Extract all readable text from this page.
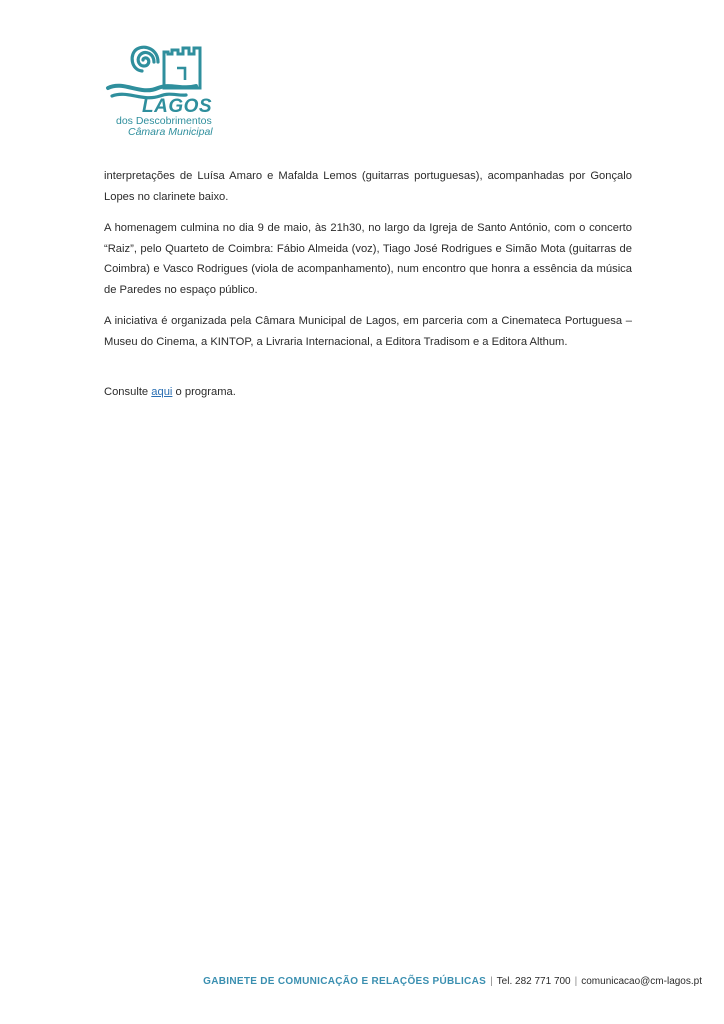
LAGOS
dos Descobrimentos
Câmara Municipal

interpretações de Luísa Amaro e Mafalda Lemos (guitarras portuguesas), acompanhadas por Gonçalo Lopes no clarinete baixo.

A homenagem culmina no dia 9 de maio, às 21h30, no largo da Igreja de Santo António, com o concerto “Raiz”, pelo Quarteto de Coimbra: Fábio Almeida (voz), Tiago José Rodrigues e Simão Mota (guitarras de Coimbra) e Vasco Rodrigues (viola de acompanhamento), num encontro que honra a essência da música de Paredes no espaço público.

A iniciativa é organizada pela Câmara Municipal de Lagos, em parceria com a Cinemateca Portuguesa – Museu do Cinema, a KINTOP, a Livraria Internacional, a Editora Tradisom e a Editora Althum.

Consulte aqui o programa.

GABINETE DE COMUNICAÇÃO E RELAÇÕES PÚBLICAS | Tel. 282 771 700 | comunicacao@cm-lagos.pt
